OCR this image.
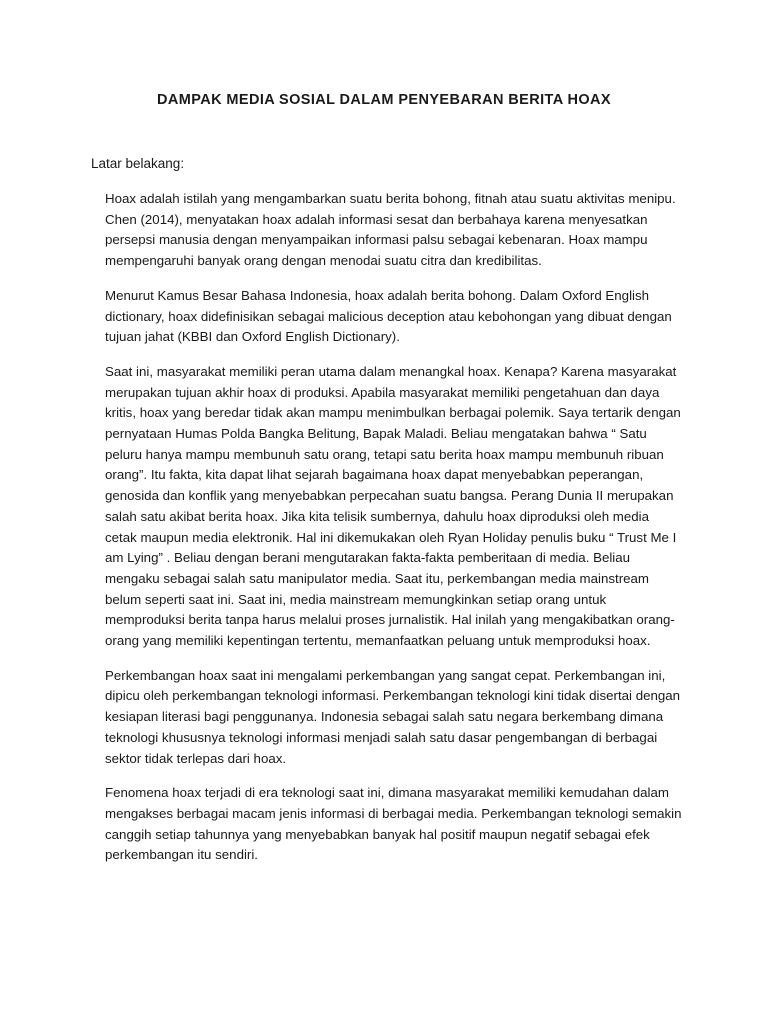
DAMPAK MEDIA SOSIAL DALAM PENYEBARAN BERITA HOAX

Latar belakang:

Hoax adalah istilah yang mengambarkan suatu berita bohong, fitnah atau suatu aktivitas menipu. Chen (2014), menyatakan hoax adalah informasi sesat dan berbahaya karena menyesatkan persepsi manusia dengan menyampaikan informasi palsu sebagai kebenaran. Hoax mampu mempengaruhi banyak orang dengan menodai suatu citra dan kredibilitas.

Menurut Kamus Besar Bahasa Indonesia, hoax adalah berita bohong. Dalam Oxford English dictionary, hoax didefinisikan sebagai malicious deception atau kebohongan yang dibuat dengan tujuan jahat (KBBI dan Oxford English Dictionary).

Saat ini, masyarakat memiliki peran utama dalam menangkal hoax. Kenapa? Karena masyarakat merupakan tujuan akhir hoax di produksi. Apabila masyarakat memiliki pengetahuan dan daya kritis, hoax yang beredar tidak akan mampu menimbulkan berbagai polemik. Saya tertarik dengan pernyataan Humas Polda Bangka Belitung, Bapak Maladi. Beliau mengatakan bahwa “ Satu peluru hanya mampu membunuh satu orang, tetapi satu berita hoax mampu membunuh ribuan orang”. Itu fakta, kita dapat lihat sejarah bagaimana hoax dapat menyebabkan peperangan, genosida dan konflik yang menyebabkan perpecahan suatu bangsa. Perang Dunia II merupakan salah satu akibat berita hoax. Jika kita telisik sumbernya, dahulu hoax diproduksi oleh media cetak maupun media elektronik. Hal ini dikemukakan oleh Ryan Holiday penulis buku “ Trust Me I am Lying” . Beliau dengan berani mengutarakan fakta-fakta pemberitaan di media. Beliau mengaku sebagai salah satu manipulator media. Saat itu, perkembangan media mainstream belum seperti saat ini. Saat ini, media mainstream memungkinkan setiap orang untuk memproduksi berita tanpa harus melalui proses jurnalistik. Hal inilah yang mengakibatkan orang-orang yang memiliki kepentingan tertentu, memanfaatkan peluang untuk memproduksi hoax.

Perkembangan hoax saat ini mengalami perkembangan yang sangat cepat. Perkembangan ini, dipicu oleh perkembangan teknologi informasi. Perkembangan teknologi kini tidak disertai dengan kesiapan literasi bagi penggunanya. Indonesia sebagai salah satu negara berkembang dimana teknologi khususnya teknologi informasi menjadi salah satu dasar pengembangan di berbagai sektor tidak terlepas dari hoax.

Fenomena hoax terjadi di era teknologi saat ini, dimana masyarakat memiliki kemudahan dalam mengakses berbagai macam jenis informasi di berbagai media. Perkembangan teknologi semakin canggih setiap tahunnya yang menyebabkan banyak hal positif maupun negatif sebagai efek perkembangan itu sendiri.
